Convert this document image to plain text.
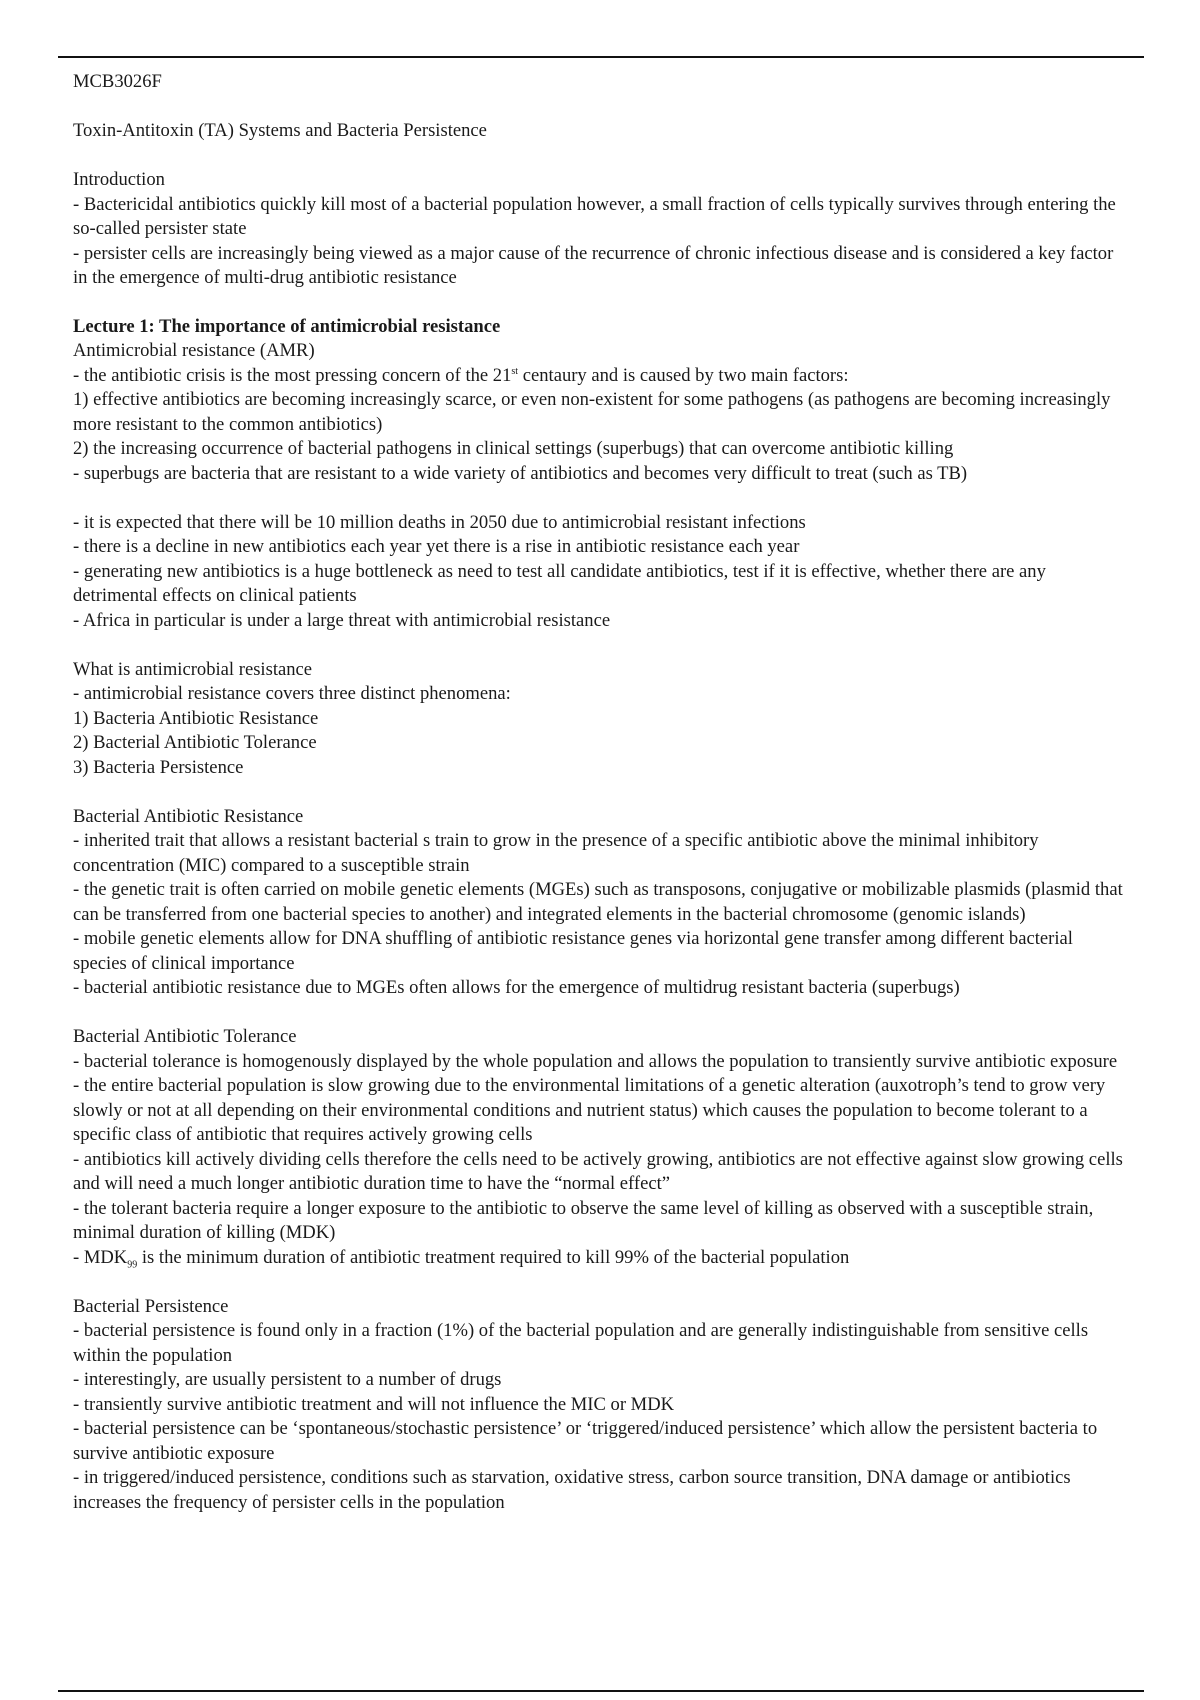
MCB3026F

Toxin-Antitoxin (TA) Systems and Bacteria Persistence

Introduction

- Bactericidal antibiotics quickly kill most of a bacterial population however, a small fraction of cells typically survives through entering the so-called persister state

- persister cells are increasingly being viewed as a major cause of the recurrence of chronic infectious disease and is considered a key factor in the emergence of multi-drug antibiotic resistance

Lecture 1: The importance of antimicrobial resistance

Antimicrobial resistance (AMR)

- the antibiotic crisis is the most pressing concern of the 21st centaury and is caused by two main factors:

1) effective antibiotics are becoming increasingly scarce, or even non-existent for some pathogens (as pathogens are becoming increasingly more resistant to the common antibiotics)

2) the increasing occurrence of bacterial pathogens in clinical settings (superbugs) that can overcome antibiotic killing

- superbugs are bacteria that are resistant to a wide variety of antibiotics and becomes very difficult to treat (such as TB)

- it is expected that there will be 10 million deaths in 2050 due to antimicrobial resistant infections

- there is a decline in new antibiotics each year yet there is a rise in antibiotic resistance each year

- generating new antibiotics is a huge bottleneck as need to test all candidate antibiotics, test if it is effective, whether there are any detrimental effects on clinical patients

- Africa in particular is under a large threat with antimicrobial resistance

What is antimicrobial resistance

- antimicrobial resistance covers three distinct phenomena:

1) Bacteria Antibiotic Resistance

2) Bacterial Antibiotic Tolerance

3) Bacteria Persistence

Bacterial Antibiotic Resistance

- inherited trait that allows a resistant bacterial s train to grow in the presence of a specific antibiotic above the minimal inhibitory concentration (MIC) compared to a susceptible strain

- the genetic trait is often carried on mobile genetic elements (MGEs) such as transposons, conjugative or mobilizable plasmids (plasmid that can be transferred from one bacterial species to another) and integrated elements in the bacterial chromosome (genomic islands)

- mobile genetic elements allow for DNA shuffling of antibiotic resistance genes via horizontal gene transfer among different bacterial species of clinical importance

- bacterial antibiotic resistance due to MGEs often allows for the emergence of multidrug resistant bacteria (superbugs)

Bacterial Antibiotic Tolerance

- bacterial tolerance is homogenously displayed by the whole population and allows the population to transiently survive antibiotic exposure

- the entire bacterial population is slow growing due to the environmental limitations of a genetic alteration (auxotroph’s tend to grow very slowly or not at all depending on their environmental conditions and nutrient status) which causes the population to become tolerant to a specific class of antibiotic that requires actively growing cells

- antibiotics kill actively dividing cells therefore the cells need to be actively growing, antibiotics are not effective against slow growing cells and will need a much longer antibiotic duration time to have the “normal effect”

- the tolerant bacteria require a longer exposure to the antibiotic to observe the same level of killing as observed with a susceptible strain, minimal duration of killing (MDK)

- $MDK_{99}$ is the minimum duration of antibiotic treatment required to kill 99% of the bacterial population

Bacterial Persistence

- bacterial persistence is found only in a fraction (1%) of the bacterial population and are generally indistinguishable from sensitive cells within the population

- interestingly, are usually persistent to a number of drugs

- transiently survive antibiotic treatment and will not influence the MIC or MDK

- bacterial persistence can be ‘spontaneous/stochastic persistence’ or ‘triggered/induced persistence’ which allow the persistent bacteria to survive antibiotic exposure

- in triggered/induced persistence, conditions such as starvation, oxidative stress, carbon source transition, DNA damage or antibiotics increases the frequency of persister cells in the population
